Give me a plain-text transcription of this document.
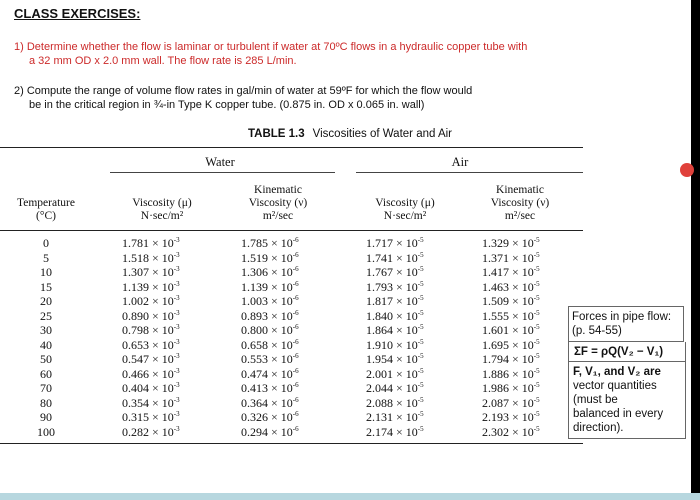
CLASS EXERCISES:
1) Determine whether the flow is laminar or turbulent if water at 70ºC flows in a hydraulic copper tube with
a 32 mm OD x 2.0 mm wall. The flow rate is 285 L/min.
2) Compute the range of volume flow rates in gal/min of water at 59ºF for which the flow would
be in the critical region in ¾-in Type K copper tube. (0.875 in. OD x 0.065 in. wall)
TABLE 1.3 Viscosities of Water and Air
Water	Air
Temperature
(°C)
Viscosity (μ)
N·sec/m²
Kinematic
Viscosity (ν)
m²/sec
Viscosity (μ)
N·sec/m²
Kinematic
Viscosity (ν)
m²/sec
0
5
10
15
20
25
30
40
50
60
70
80
90
100
$1.781 \times 10^{-3}$
$1.518 \times 10^{-3}$
$1.307 \times 10^{-3}$
$1.139 \times 10^{-3}$
$1.002 \times 10^{-3}$
$0.890 \times 10^{-3}$
$0.798 \times 10^{-3}$
$0.653 \times 10^{-3}$
$0.547 \times 10^{-3}$
$0.466 \times 10^{-3}$
$0.404 \times 10^{-3}$
$0.354 \times 10^{-3}$
$0.315 \times 10^{-3}$
$0.282 \times 10^{-3}$
$1.785 \times 10^{-6}$
$1.519 \times 10^{-6}$
$1.306 \times 10^{-6}$
$1.139 \times 10^{-6}$
$1.003 \times 10^{-6}$
$0.893 \times 10^{-6}$
$0.800 \times 10^{-6}$
$0.658 \times 10^{-6}$
$0.553 \times 10^{-6}$
$0.474 \times 10^{-6}$
$0.413 \times 10^{-6}$
$0.364 \times 10^{-6}$
$0.326 \times 10^{-6}$
$0.294 \times 10^{-6}$
$1.717 \times 10^{-5}$
$1.741 \times 10^{-5}$
$1.767 \times 10^{-5}$
$1.793 \times 10^{-5}$
$1.817 \times 10^{-5}$
$1.840 \times 10^{-5}$
$1.864 \times 10^{-5}$
$1.910 \times 10^{-5}$
$1.954 \times 10^{-5}$
$2.001 \times 10^{-5}$
$2.044 \times 10^{-5}$
$2.088 \times 10^{-5}$
$2.131 \times 10^{-5}$
$2.174 \times 10^{-5}$
$1.329 \times 10^{-5}$
$1.371 \times 10^{-5}$
$1.417 \times 10^{-5}$
$1.463 \times 10^{-5}$
$1.509 \times 10^{-5}$
$1.555 \times 10^{-5}$
$1.601 \times 10^{-5}$
$1.695 \times 10^{-5}$
$1.794 \times 10^{-5}$
$1.886 \times 10^{-5}$
$1.986 \times 10^{-5}$
$2.087 \times 10^{-5}$
$2.193 \times 10^{-5}$
$2.302 \times 10^{-5}$
Forces in pipe flow:
(p. 54-55)
ΣF = ρQ(V₂ − V₁)
F, V₁, and V₂ are
vector quantities
(must be
balanced in every
direction).
